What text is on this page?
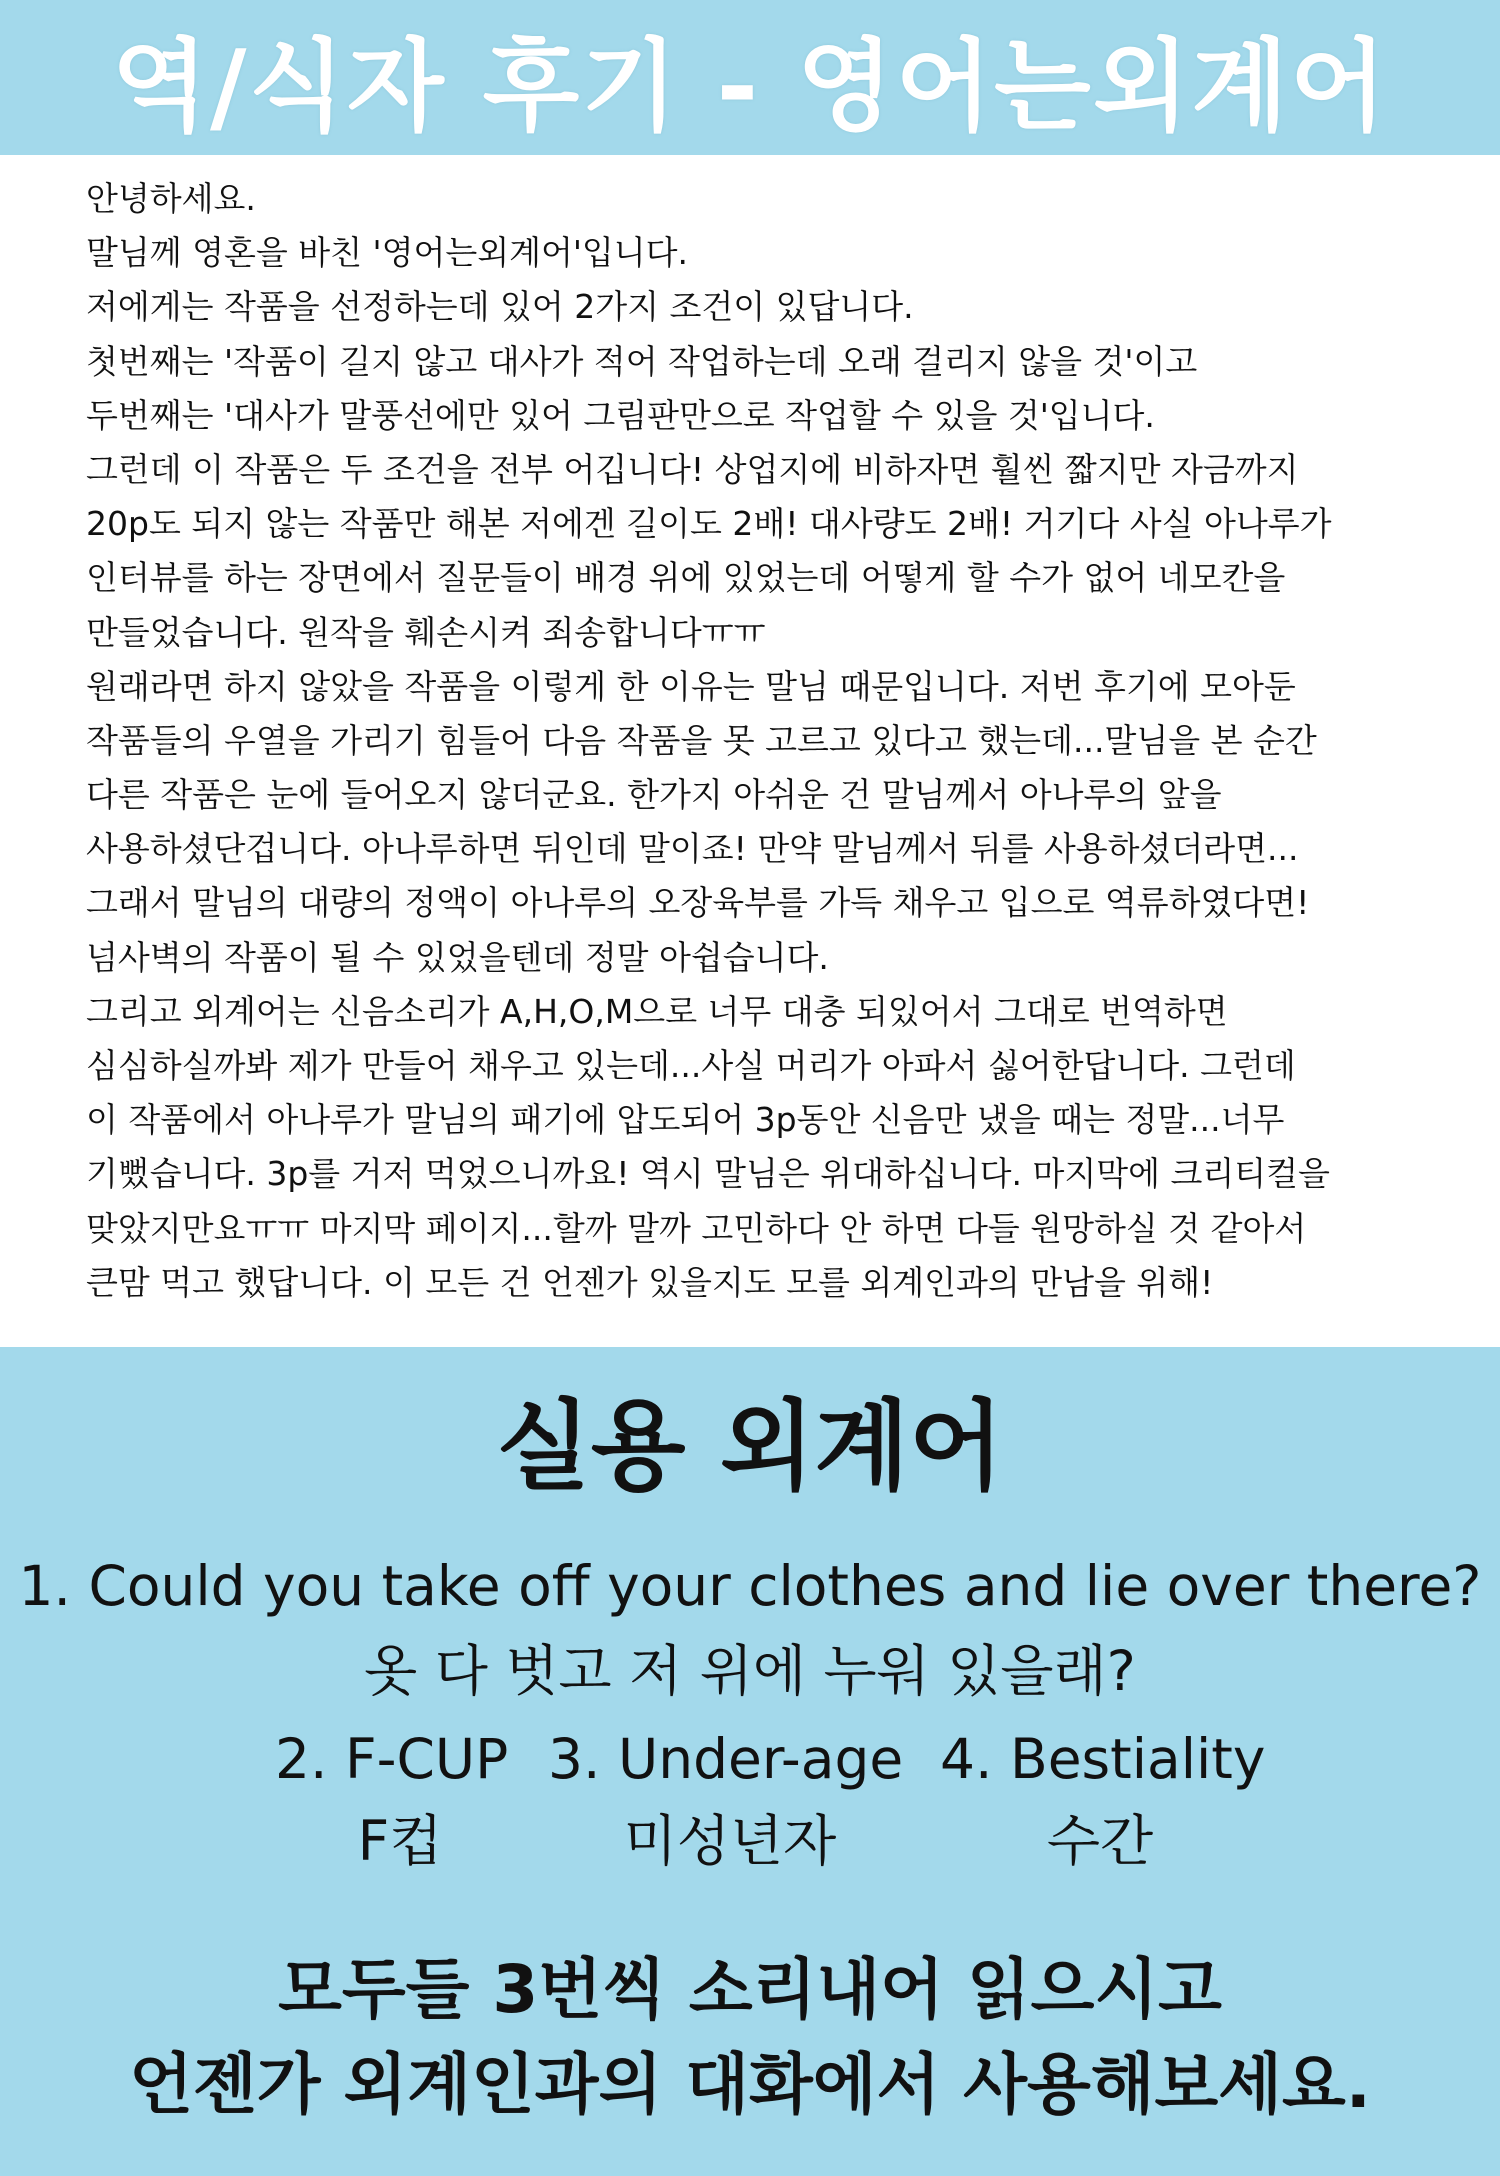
역/식자 후기 - 영어는외계어
안녕하세요.
말님께 영혼을 바친 '영어는외계어'입니다.
저에게는 작품을 선정하는데 있어 2가지 조건이 있답니다.
첫번째는 '작품이 길지 않고 대사가 적어 작업하는데 오래 걸리지 않을 것'이고
두번째는 '대사가 말풍선에만 있어 그림판만으로 작업할 수 있을 것'입니다.
그런데 이 작품은 두 조건을 전부 어깁니다! 상업지에 비하자면 훨씬 짧지만 자금까지
20p도 되지 않는 작품만 해본 저에겐 길이도 2배! 대사량도 2배! 거기다 사실 아나루가
인터뷰를 하는 장면에서 질문들이 배경 위에 있었는데 어떻게 할 수가 없어 네모칸을
만들었습니다. 원작을 훼손시켜 죄송합니다ㅠㅠ
원래라면 하지 않았을 작품을 이렇게 한 이유는 말님 때문입니다. 저번 후기에 모아둔
작품들의 우열을 가리기 힘들어 다음 작품을 못 고르고 있다고 했는데...말님을 본 순간
다른 작품은 눈에 들어오지 않더군요. 한가지 아쉬운 건 말님께서 아나루의 앞을
사용하셨단겁니다. 아나루하면 뒤인데 말이죠! 만약 말님께서 뒤를 사용하셨더라면...
그래서 말님의 대량의 정액이 아나루의 오장육부를 가득 채우고 입으로 역류하였다면!
넘사벽의 작품이 될 수 있었을텐데 정말 아쉽습니다.
그리고 외계어는 신음소리가 A,H,O,M으로 너무 대충 되있어서 그대로 번역하면
심심하실까봐 제가 만들어 채우고 있는데...사실 머리가 아파서 싫어한답니다. 그런데
이 작품에서 아나루가 말님의 패기에 압도되어 3p동안 신음만 냈을 때는 정말...너무
기뻤습니다. 3p를 거저 먹었으니까요! 역시 말님은 위대하십니다. 마지막에 크리티컬을
맞았지만요ㅠㅠ 마지막 페이지...할까 말까 고민하다 안 하면 다들 원망하실 것 같아서
큰맘 먹고 했답니다. 이 모든 건 언젠가 있을지도 모를 외계인과의 만남을 위해!
실용 외계어
1. Could you take off your clothes and lie over there?
옷 다 벗고 저 위에 누워 있을래?
2. F-CUP 3. Under-age 4. Bestiality
F컵	미성년자	수간
모두들 3번씩 소리내어 읽으시고
언젠가 외계인과의 대화에서 사용해보세요.
